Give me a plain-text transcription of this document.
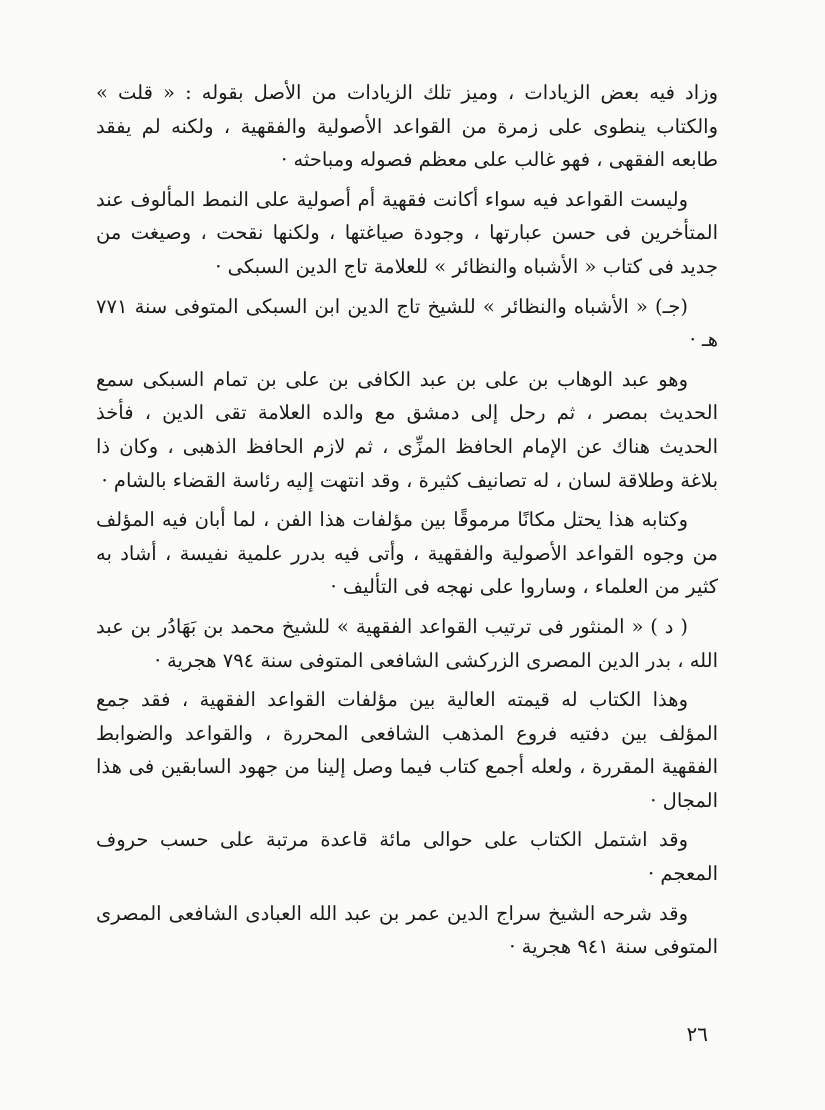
وزاد فيه بعض الزيادات ، وميز تلك الزيادات من الأصل بقوله : « قلت » والكتاب ينطوى على زمرة من القواعد الأصولية والفقهية ، ولكنه لم يفقد طابعه الفقهى ، فهو غالب على معظم فصوله ومباحثه ·

وليست القواعد فيه سواء أكانت فقهية أم أصولية على النمط المألوف عند المتأخرين فى حسن عبارتها ، وجودة صياغتها ، ولكنها نقحت ، وصيغت من جديد فى كتاب « الأشباه والنظائر » للعلامة تاج الدين السبكى ·

(جـ) « الأشباه والنظائر » للشيخ تاج الدين ابن السبكى المتوفى سنة ٧٧١ هـ ·

وهو عبد الوهاب بن على بن عبد الكافى بن على بن تمام السبكى سمع الحديث بمصر ، ثم رحل إلى دمشق مع والده العلامة تقى الدين ، فأخذ الحديث هناك عن الإمام الحافظ المزِّى ، ثم لازم الحافظ الذهبى ، وكان ذا بلاغة وطلاقة لسان ، له تصانيف كثيرة ، وقد انتهت إليه رئاسة القضاء بالشام ·

وكتابه هذا يحتل مكانًا مرموقًا بين مؤلفات هذا الفن ، لما أبان فيه المؤلف من وجوه القواعد الأصولية والفقهية ، وأتى فيه بدرر علمية نفيسة ، أشاد به كثير من العلماء ، وساروا على نهجه فى التأليف ·

( د ) « المنثور فى ترتيب القواعد الفقهية » للشيخ محمد بن بَهَادُر بن عبد الله ، بدر الدين المصرى الزركشى الشافعى المتوفى سنة ٧٩٤ هجرية ·

وهذا الكتاب له قيمته العالية بين مؤلفات القواعد الفقهية ، فقد جمع المؤلف بين دفتيه فروع المذهب الشافعى المحررة ، والقواعد والضوابط الفقهية المقررة ، ولعله أجمع كتاب فيما وصل إلينا من جهود السابقين فى هذا المجال ·

وقد اشتمل الكتاب على حوالى مائة قاعدة مرتبة على حسب حروف المعجم ·

وقد شرحه الشيخ سراج الدين عمر بن عبد الله العبادى الشافعى المصرى المتوفى سنة ٩٤١ هجرية ·

٢٦
